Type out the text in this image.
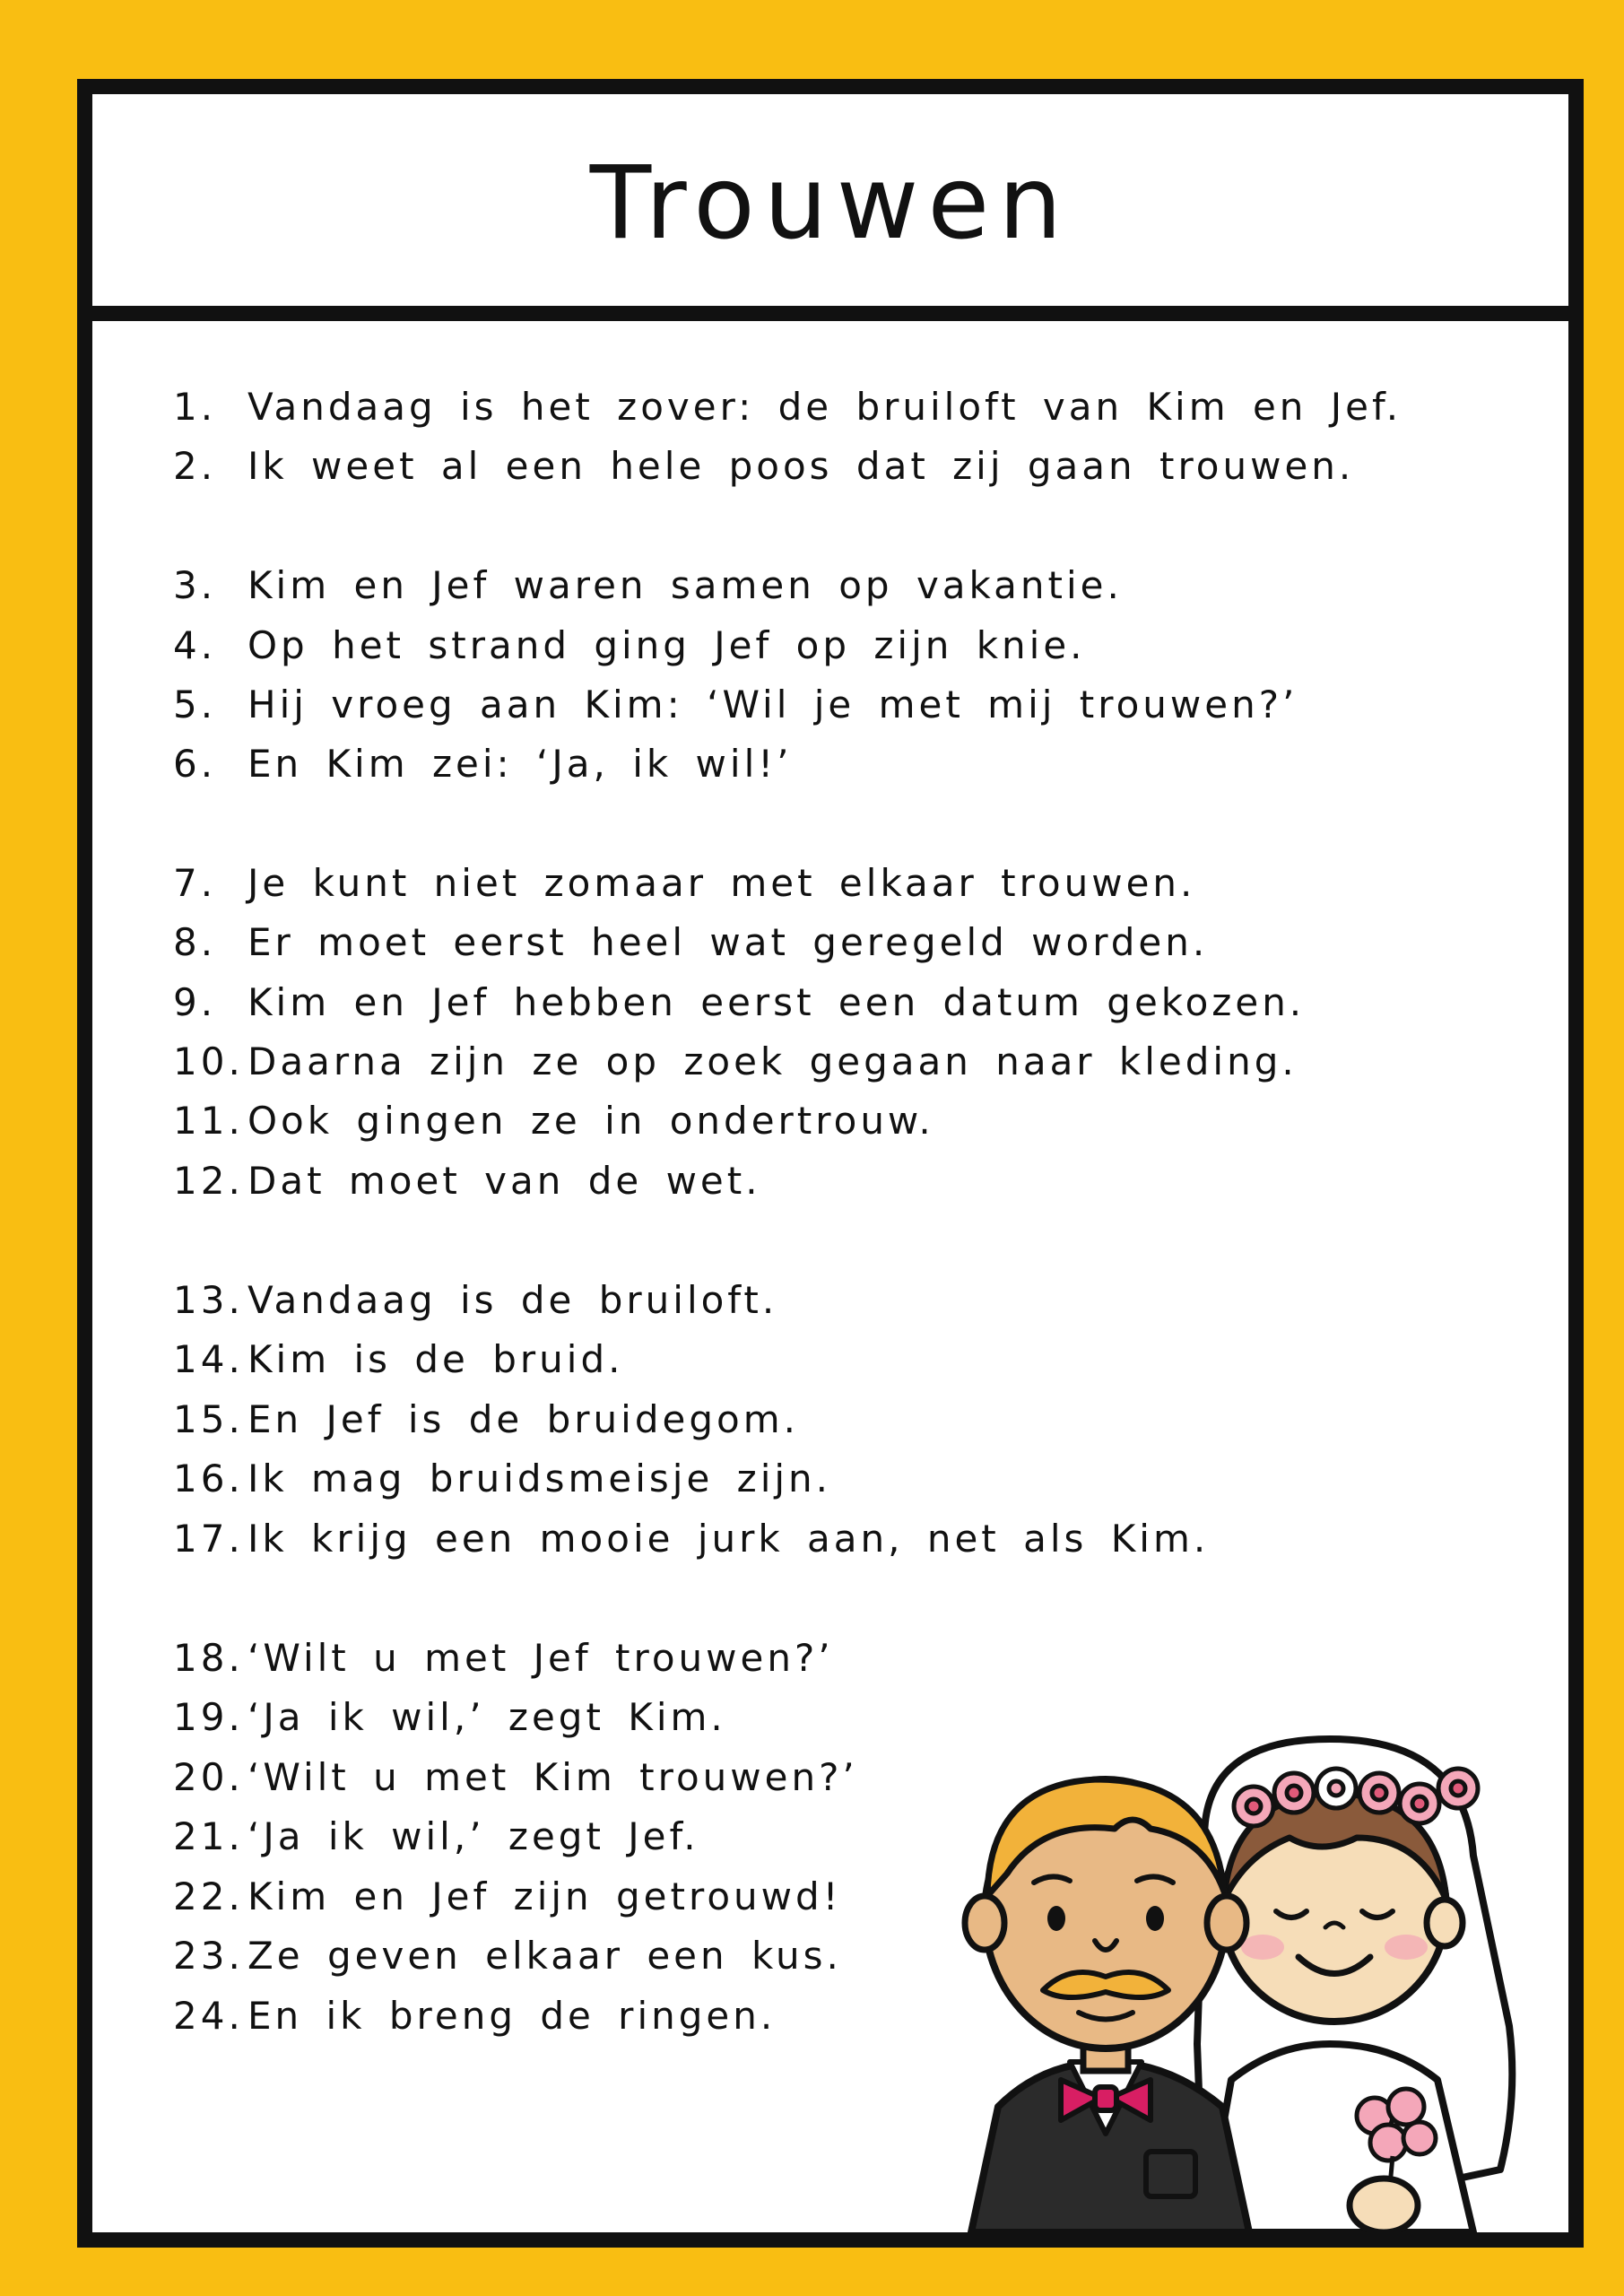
Trouwen
1. Vandaag is het zover: de bruiloft van Kim en Jef.
2. Ik weet al een hele poos dat zij gaan trouwen.
3. Kim en Jef waren samen op vakantie.
4. Op het strand ging Jef op zijn knie.
5. Hij vroeg aan Kim: ‘Wil je met mij trouwen?’
6. En Kim zei: ‘Ja, ik wil!’
7. Je kunt niet zomaar met elkaar trouwen.
8. Er moet eerst heel wat geregeld worden.
9. Kim en Jef hebben eerst een datum gekozen.
10. Daarna zijn ze op zoek gegaan naar kleding.
11. Ook gingen ze in ondertrouw.
12. Dat moet van de wet.
13. Vandaag is de bruiloft.
14. Kim is de bruid.
15. En Jef is de bruidegom.
16. Ik mag bruidsmeisje zijn.
17. Ik krijg een mooie jurk aan, net als Kim.
18. ‘Wilt u met Jef trouwen?’
19. ‘Ja ik wil,’ zegt Kim.
20. ‘Wilt u met Kim trouwen?’
21. ‘Ja ik wil,’ zegt Jef.
22. Kim en Jef zijn getrouwd!
23. Ze geven elkaar een kus.
24. En ik breng de ringen.
